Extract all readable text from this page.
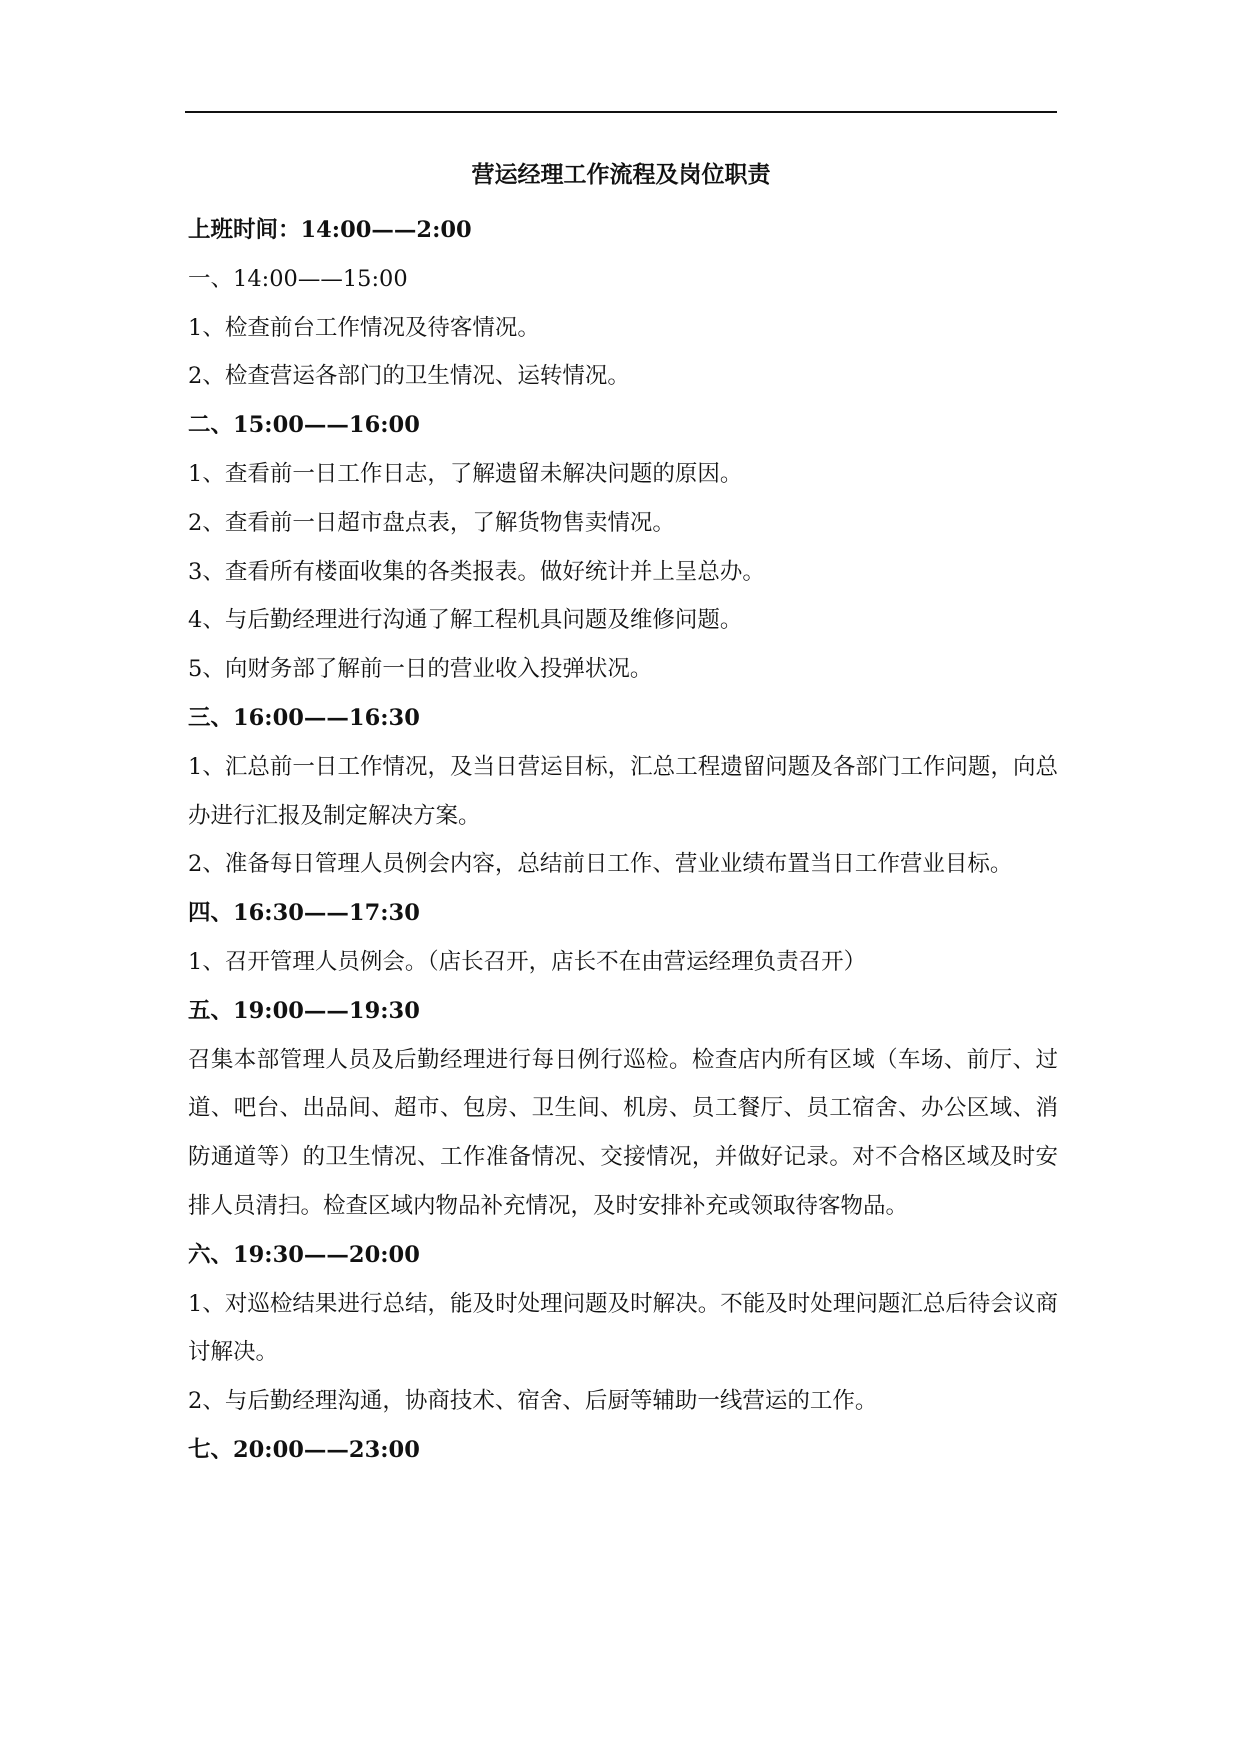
营运经理工作流程及岗位职责

上班时间：14:00——2:00

一、14:00——15:00

1、检查前台工作情况及待客情况。

2、检查营运各部门的卫生情况、运转情况。

二、15:00——16:00

1、查看前一日工作日志，了解遗留未解决问题的原因。

2、查看前一日超市盘点表，了解货物售卖情况。

3、查看所有楼面收集的各类报表。做好统计并上呈总办。

4、与后勤经理进行沟通了解工程机具问题及维修问题。

5、向财务部了解前一日的营业收入投弹状况。

三、16:00——16:30

1、汇总前一日工作情况，及当日营运目标，汇总工程遗留问题及各部门工作问题，向总办进行汇报及制定解决方案。

2、准备每日管理人员例会内容，总结前日工作、营业业绩布置当日工作营业目标。

四、16:30——17:30

1、召开管理人员例会。（店长召开，店长不在由营运经理负责召开）

五、19:00——19:30

召集本部管理人员及后勤经理进行每日例行巡检。检查店内所有区域（车场、前厅、过道、吧台、出品间、超市、包房、卫生间、机房、员工餐厅、员工宿舍、办公区域、消防通道等）的卫生情况、工作准备情况、交接情况，并做好记录。对不合格区域及时安排人员清扫。检查区域内物品补充情况，及时安排补充或领取待客物品。

六、19:30——20:00

1、对巡检结果进行总结，能及时处理问题及时解决。不能及时处理问题汇总后待会议商讨解决。

2、与后勤经理沟通，协商技术、宿舍、后厨等辅助一线营运的工作。

七、20:00——23:00
